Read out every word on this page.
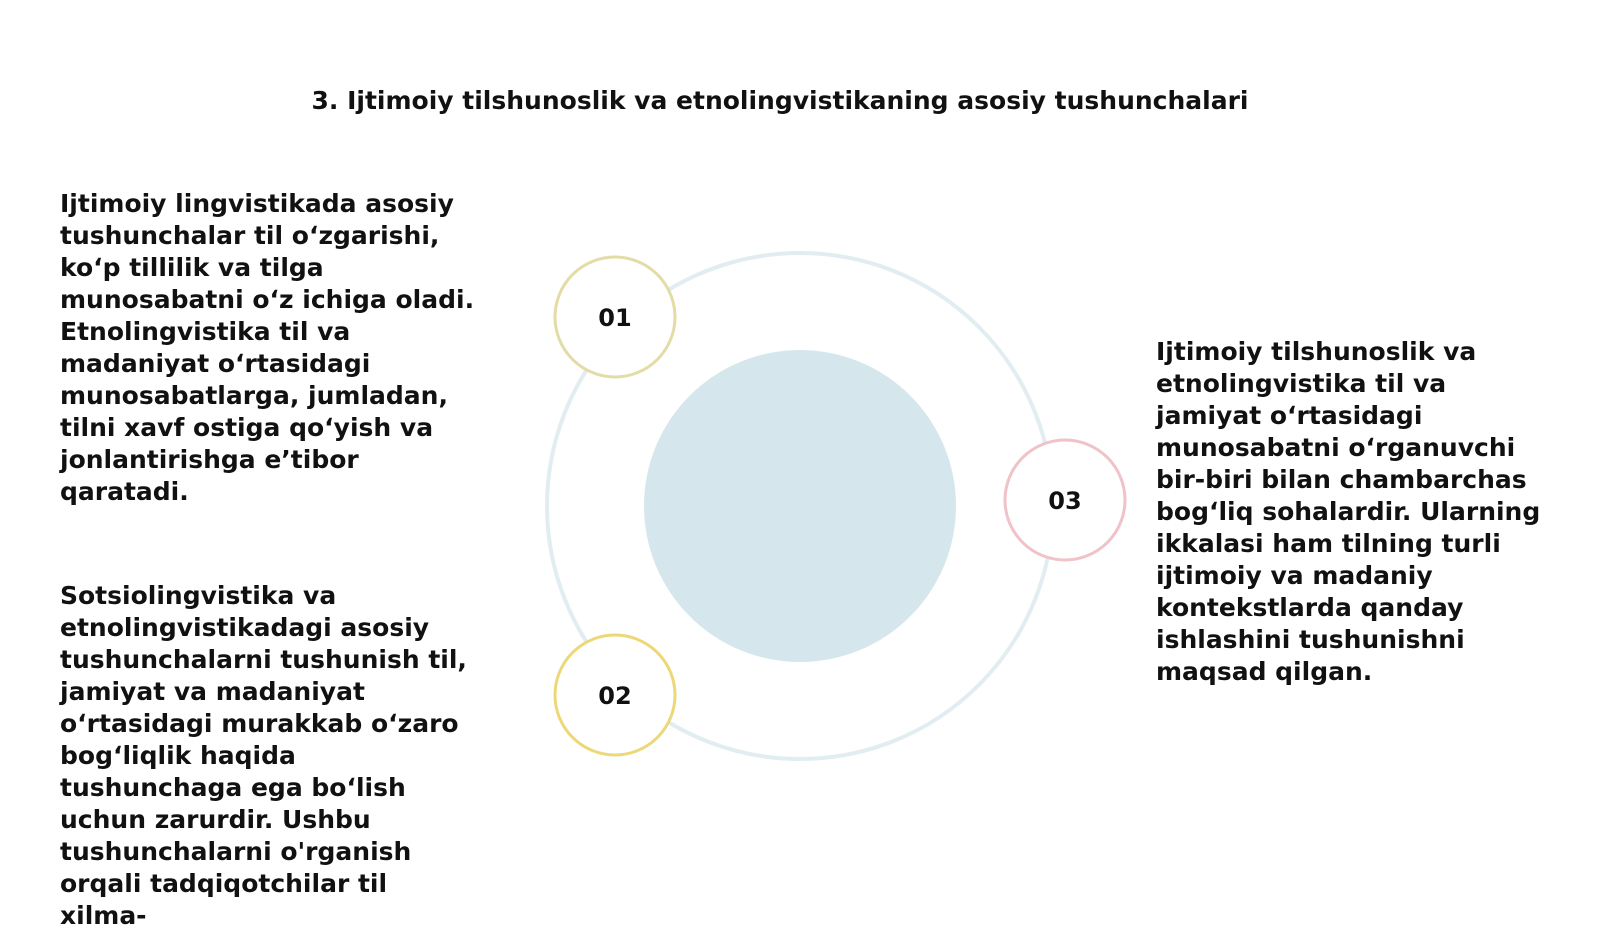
01
02
03
3. Ijtimoiy tilshunoslik va etnolingvistikaning asosiy tushunchalari

Ijtimoiy lingvistikada asosiy tushunchalar til oʻzgarishi, koʻp tillilik va tilga munosabatni oʻz ichiga oladi. Etnolingvistika til va madaniyat oʻrtasidagi munosabatlarga, jumladan, tilni xavf ostiga qoʻyish va jonlantirishga e’tibor qaratadi.

Sotsiolingvistika va etnolingvistikadagi asosiy tushunchalarni tushunish til, jamiyat va madaniyat oʻrtasidagi murakkab oʻzaro bogʻliqlik haqida tushunchaga ega boʻlish uchun zarurdir. Ushbu tushunchalarni o'rganish orqali tadqiqotchilar til xilma-

Ijtimoiy tilshunoslik va etnolingvistika til va jamiyat oʻrtasidagi munosabatni oʻrganuvchi bir-biri bilan chambarchas bogʻliq sohalardir. Ularning ikkalasi ham tilning turli ijtimoiy va madaniy kontekstlarda qanday ishlashini tushunishni maqsad qilgan.
